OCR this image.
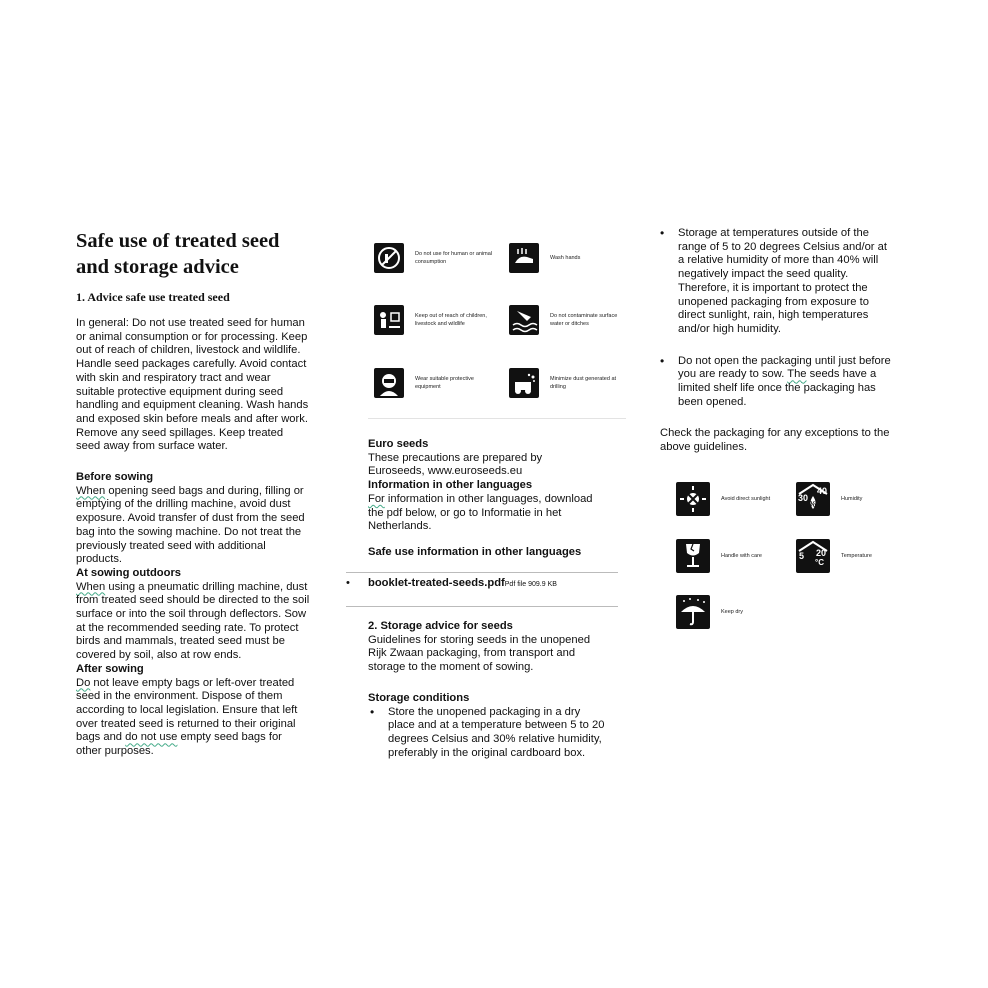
Safe use of treated seed
and storage advice
1. Advice safe use treated seed
In general: Do not use treated seed for human
or animal consumption or for processing. Keep
out of reach of children, livestock and wildlife.
Handle seed packages carefully. Avoid contact
with skin and respiratory tract and wear
suitable protective equipment during seed
handling and equipment cleaning. Wash hands
and exposed skin before meals and after work.
Remove any seed spillages. Keep treated
seed away from surface water.
Before sowing
When opening seed bags and during, filling or
emptying of the drilling machine, avoid dust
exposure. Avoid transfer of dust from the seed
bag into the sowing machine. Do not treat the
previously treated seed with additional
products.
At sowing outdoors
When using a pneumatic drilling machine, dust
from treated seed should be directed to the soil
surface or into the soil through deflectors. Sow
at the recommended seeding rate. To protect
birds and mammals, treated seed must be
covered by soil, also at row ends.
After sowing
Do not leave empty bags or left-over treated
seed in the environment. Dispose of them
according to local legislation. Ensure that left
over treated seed is returned to their original
bags and do not use empty seed bags for
other purposes.
Do not use for human or animal consumption
Wash hands
Keep out of reach of children, livestock and wildlife
Do not contaminate surface water or ditches
Wear suitable protective equipment
Minimize dust generated at drilling
Euro seeds
These precautions are prepared by
Euroseeds, www.euroseeds.eu
Information in other languages
For information in other languages, download
the pdf below, or go to Informatie in het
Netherlands.
Safe use information in other languages
• booklet-treated-seeds.pdfPdf file 909.9 KB
2. Storage advice for seeds
Guidelines for storing seeds in the unopened
Rijk Zwaan packaging, from transport and
storage to the moment of sowing.
Storage conditions
• Store the unopened packaging in a dry
place and at a temperature between 5 to 20
degrees Celsius and 30% relative humidity,
preferably in the original cardboard box.
• Storage at temperatures outside of the
range of 5 to 20 degrees Celsius and/or at
a relative humidity of more than 40% will
negatively impact the seed quality.
Therefore, it is important to protect the
unopened packaging from exposure to
direct sunlight, rain, high temperatures
and/or high humidity.
• Do not open the packaging until just before
you are ready to sow. The seeds have a
limited shelf life once the packaging has
been opened.
Check the packaging for any exceptions to the
above guidelines.
Avoid direct sunlight	30
40
%
Humidity
Handle with care	5 20
°C
Temperature
Keep dry
